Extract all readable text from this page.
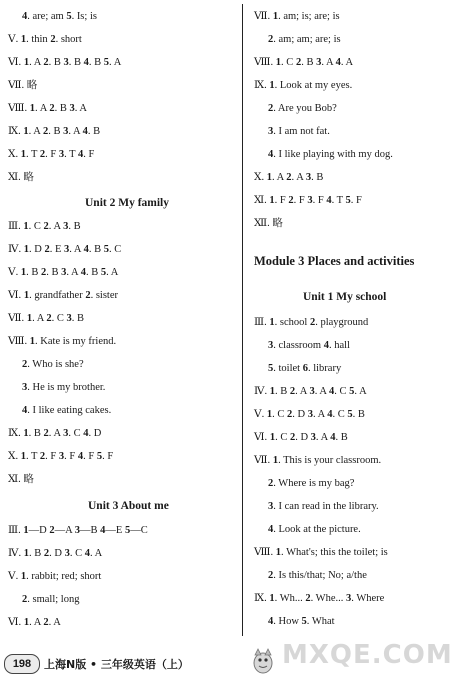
4. are; am 5. Is; is
Ⅴ. 1. thin 2. short
Ⅵ. 1. A 2. B 3. B 4. B 5. A
Ⅶ. 略
Ⅷ. 1. A 2. B 3. A
Ⅸ. 1. A 2. B 3. A 4. B
Ⅹ. 1. T 2. F 3. T 4. F
Ⅺ. 略
Unit 2 My family
Ⅲ. 1. C 2. A 3. B
Ⅳ. 1. D 2. E 3. A 4. B 5. C
Ⅴ. 1. B 2. B 3. A 4. B 5. A
Ⅵ. 1. grandfather 2. sister
Ⅶ. 1. A 2. C 3. B
Ⅷ. 1. Kate is my friend.
2. Who is she?
3. He is my brother.
4. I like eating cakes.
Ⅸ. 1. B 2. A 3. C 4. D
Ⅹ. 1. T 2. F 3. F 4. F 5. F
Ⅺ. 略
Unit 3 About me
Ⅲ. 1—D 2—A 3—B 4—E 5—C
Ⅳ. 1. B 2. D 3. C 4. A
Ⅴ. 1. rabbit; red; short
2. small; long
Ⅵ. 1. A 2. A
Ⅶ. 1. am; is; are; is
2. am; am; are; is
Ⅷ. 1. C 2. B 3. A 4. A
Ⅸ. 1. Look at my eyes.
2. Are you Bob?
3. I am not fat.
4. I like playing with my dog.
Ⅹ. 1. A 2. A 3. B
Ⅺ. 1. F 2. F 3. F 4. T 5. F
Ⅻ. 略
Module 3 Places and activities
Unit 1 My school
Ⅲ. 1. school 2. playground
3. classroom 4. hall
5. toilet 6. library
Ⅳ. 1. B 2. A 3. A 4. C 5. A
Ⅴ. 1. C 2. D 3. A 4. C 5. B
Ⅵ. 1. C 2. D 3. A 4. B
Ⅶ. 1. This is your classroom.
2. Where is my bag?
3. I can read in the library.
4. Look at the picture.
Ⅷ. 1. What's; this the toilet; is
2. Is this/that; No; a/the
Ⅸ. 1. Wh... 2. Whe... 3. Where
4. How 5. What
198	上海N版 • 三年级英语（上）	MXQE.COM
